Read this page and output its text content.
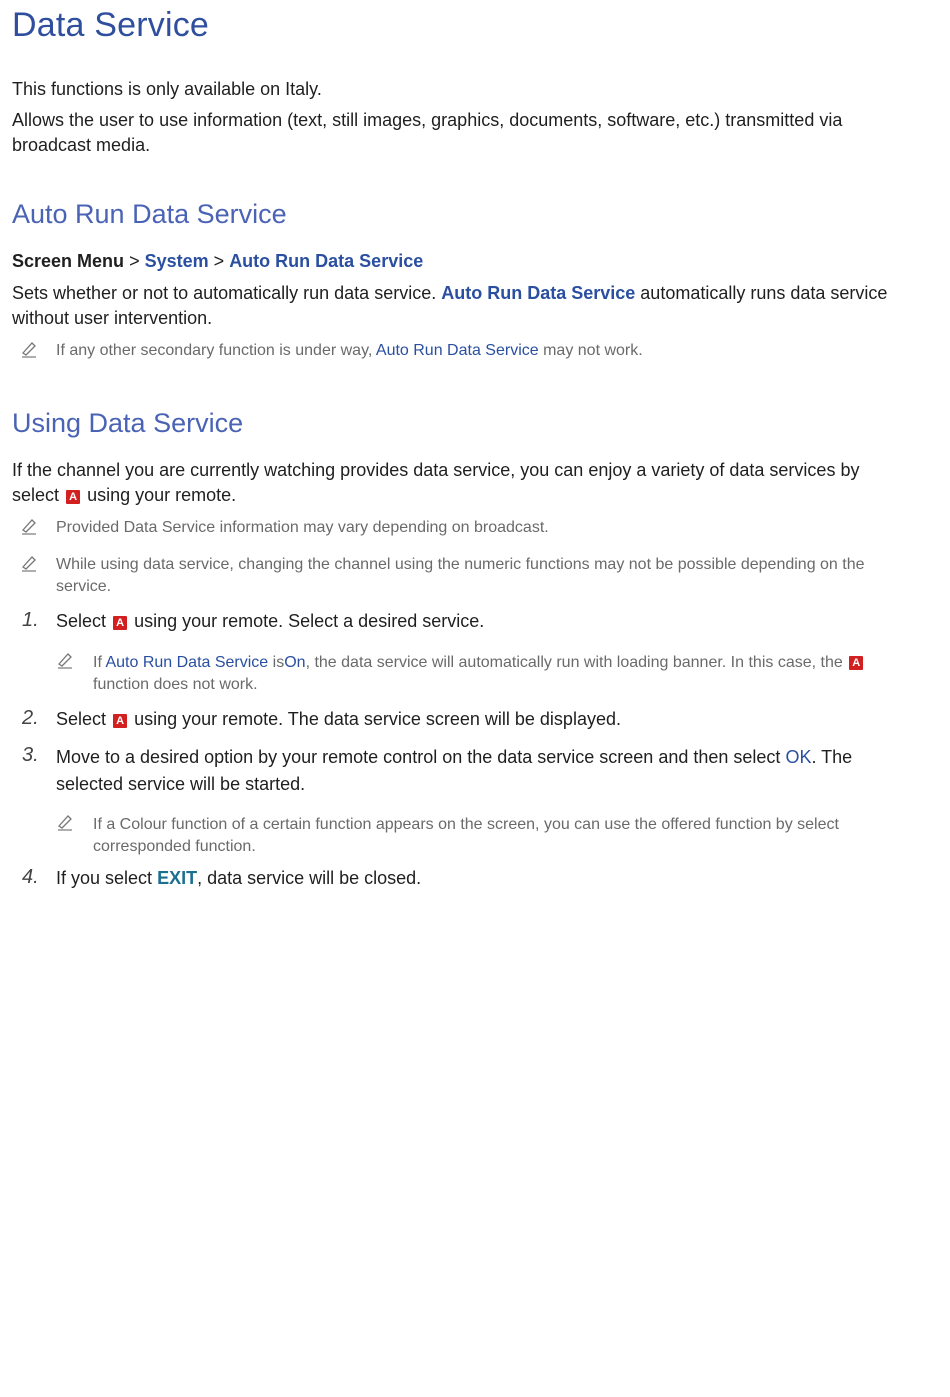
Data Service

This functions is only available on Italy.

Allows the user to use information (text, still images, graphics, documents, software, etc.) transmitted via broadcast media.

Auto Run Data Service

Screen Menu > System > Auto Run Data Service

Sets whether or not to automatically run data service. Auto Run Data Service automatically runs data service without user intervention.

If any other secondary function is under way, Auto Run Data Service may not work.

Using Data Service

If the channel you are currently watching provides data service, you can enjoy a variety of data services by select A using your remote.

Provided Data Service information may vary depending on broadcast.

While using data service, changing the channel using the numeric functions may not be possible depending on the service.

1. Select A using your remote. Select a desired service.

If Auto Run Data Service isOn, the data service will automatically run with loading banner. In this case, the A function does not work.

2. Select A using your remote. The data service screen will be displayed.

3. Move to a desired option by your remote control on the data service screen and then select OK. The selected service will be started.

If a Colour function of a certain function appears on the screen, you can use the offered function by select corresponded function.

4. If you select EXIT, data service will be closed.
